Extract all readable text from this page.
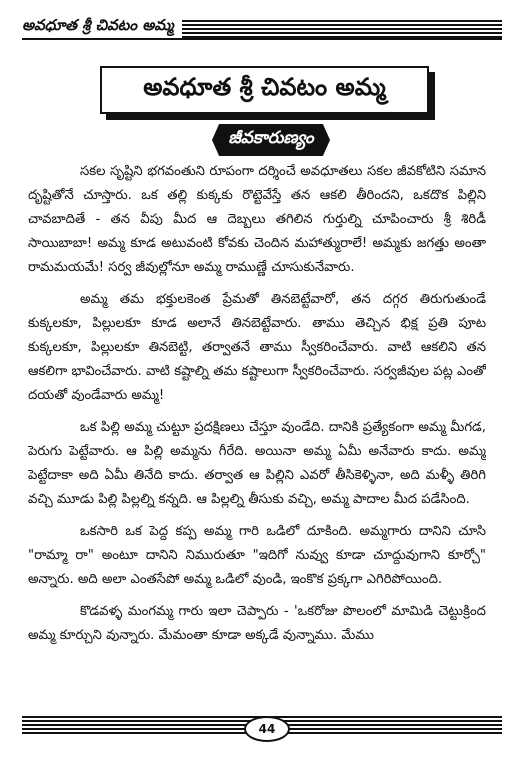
అవధూత శ్రీ చివటం అమ్మ
అవధూత శ్రీ చివటం అమ్మ
జీవకారుణ్యం

సకల సృష్టిని భగవంతుని రూపంగా దర్శించే అవధూతలు సకల జీవకోటిని సమాన దృష్టితోనే చూస్తారు. ఒక తల్లి కుక్కకు రొట్టెవేస్తే తన ఆకలి తీరిందని, ఒకదొక పిల్లిని చావబాదితే - తన వీపు మీద ఆ దెబ్బలు తగిలిన గుర్తుల్ని చూపించారు శ్రీ శిరిడీ సాయిబాబా! అమ్మ కూడ అటువంటి కోవకు చెందిన మహాత్మురాలే! అమ్మకు జగత్తు అంతా రామమయమే! సర్వ జీవుల్లోనూ అమ్మ రాముణ్ణే చూసుకునేవారు.

అమ్మ తమ భక్తులకెంత ప్రేమతో తినబెట్టేవారో, తన దగ్గర తిరుగుతుండే కుక్కలకూ, పిల్లులకూ కూడ అలానే తినబెట్టేవారు. తాము తెచ్చిన భిక్ష ప్రతి పూట కుక్కలకూ, పిల్లులకూ తినబెట్టి, తర్వాతనే తాము స్వీకరించేవారు. వాటి ఆకలిని తన ఆకలిగా భావించేవారు. వాటి కష్టాల్ని తమ కష్టాలుగా స్వీకరించేవారు. సర్వజీవుల పట్ల ఎంతో దయతో వుండేవారు అమ్మ!

ఒక పిల్లి అమ్మ చుట్టూ ప్రదక్షిణలు చేస్తూ వుండేది. దానికి ప్రత్యేకంగా అమ్మ మీగడ, పెరుగు పెట్టేవారు. ఆ పిల్లి అమ్మను గీరేది. అయినా అమ్మ ఏమీ అనేవారు కాదు. అమ్మ పెట్టేదాకా అది ఏమీ తినేది కాదు. తర్వాత ఆ పిల్లిని ఎవరో తీసికెళ్ళినా, అది మళ్ళీ తిరిగి వచ్చి మూడు పిల్లి పిల్లల్ని కన్నది. ఆ పిల్లల్ని తీసుకు వచ్చి, అమ్మ పాదాల మీద పడేసింది.

ఒకసారి ఒక పెద్ద కప్ప అమ్మ గారి ఒడిలో దూకింది. అమ్మగారు దానిని చూసి "రామ్మా రా" అంటూ దానిని నిమురుతూ "ఇదిగో నువ్వు కూడా చూద్దువుగాని కూర్చో" అన్నారు. అది అలా ఎంతసేపో అమ్మ ఒడిలో వుండి, ఇంకొక ప్రక్కగా ఎగిరిపోయింది.

కొడవళ్ళ మంగమ్మ గారు ఇలా చెప్పారు - 'ఒకరోజు పొలంలో మామిడి చెట్టుక్రింద అమ్మ కూర్చుని వున్నారు. మేమంతా కూడా అక్కడే వున్నాము. మేము

44
